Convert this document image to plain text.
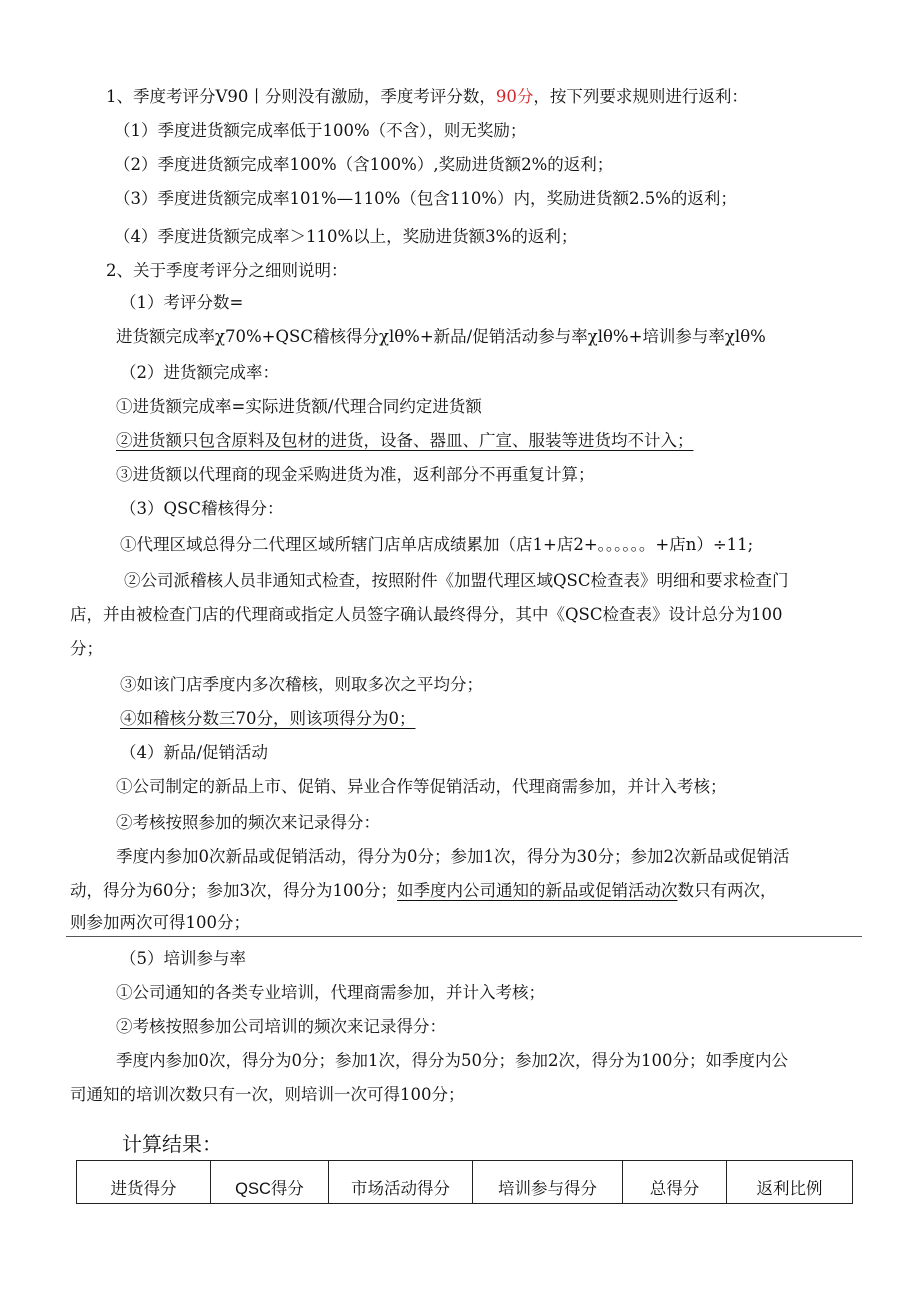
1、季度考评分V90丨分则没有激励，季度考评分数，90分，按下列要求规则进行返利：
（1）季度进货额完成率低于100%（不含），则无奖励；
（2）季度进货额完成率100%（含100%）,奖励进货额2%的返利；
（3）季度进货额完成率101%—110%（包含110%）内，奖励进货额2.5%的返利；
（4）季度进货额完成率＞110%以上，奖励进货额3%的返利；
2、关于季度考评分之细则说明：
（1）考评分数=
进货额完成率χ70%+QSC稽核得分χlθ%+新品/促销活动参与率χlθ%+培训参与率χlθ%
（2）进货额完成率：
①进货额完成率=实际进货额/代理合同约定进货额
②进货额只包含原料及包材的进货，设备、器皿、广宣、服装等进货均不计入；
③进货额以代理商的现金采购进货为准，返利部分不再重复计算；
（3）QSC稽核得分：
①代理区域总得分二代理区域所辖门店单店成绩累加（店1+店2+。。。。。。+店n）÷11;
②公司派稽核人员非通知式检查，按照附件《加盟代理区域QSC检查表》明细和要求检查门
店，并由被检查门店的代理商或指定人员签字确认最终得分，其中《QSC检查表》设计总分为100
分；
③如该门店季度内多次稽核，则取多次之平均分；
④如稽核分数三70分，则该项得分为0；
（4）新品/促销活动
①公司制定的新品上市、促销、异业合作等促销活动，代理商需参加，并计入考核；
②考核按照参加的频次来记录得分：
季度内参加0次新品或促销活动，得分为0分；参加1次，得分为30分；参加2次新品或促销活
动，得分为60分；参加3次，得分为100分；如季度内公司通知的新品或促销活动次数只有两次，
则参加两次可得100分；
（5）培训参与率
①公司通知的各类专业培训，代理商需参加，并计入考核；
②考核按照参加公司培训的频次来记录得分：
季度内参加0次，得分为0分；参加1次，得分为50分；参加2次，得分为100分；如季度内公
司通知的培训次数只有一次，则培训一次可得100分；
计算结果：
进货得分	QSC得分	市场活动得分	培训参与得分	总得分	返利比例
